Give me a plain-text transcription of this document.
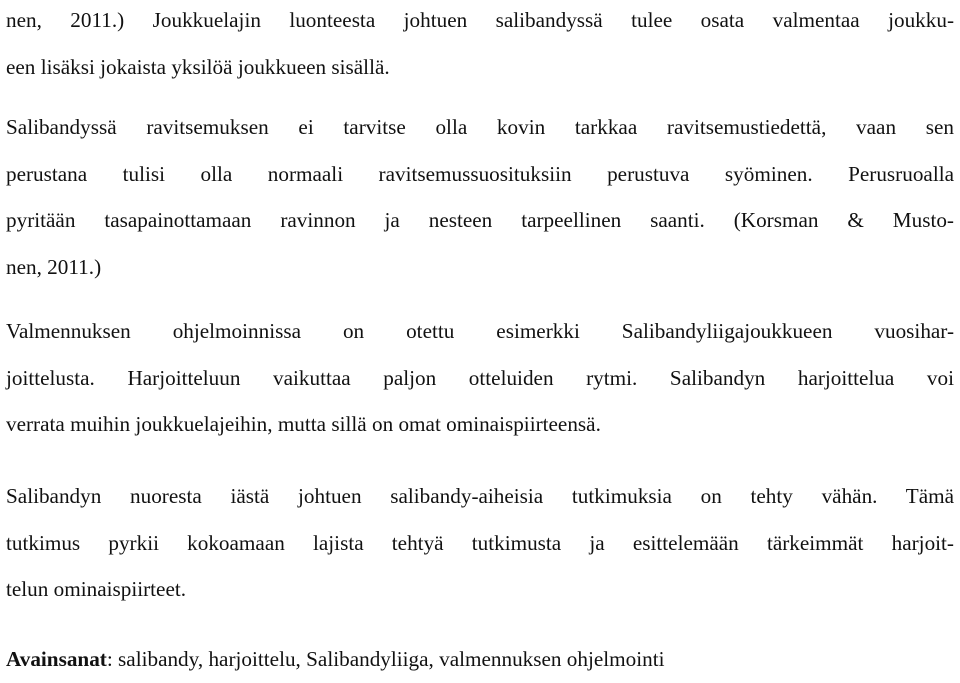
nen, 2011.) Joukkuelajin luonteesta johtuen salibandyssä tulee osata valmentaa joukku-
een lisäksi jokaista yksilöä joukkueen sisällä.
Salibandyssä ravitsemuksen ei tarvitse olla kovin tarkkaa ravitsemustiedettä, vaan sen
perustana tulisi olla normaali ravitsemussuosituksiin perustuva syöminen. Perusruoalla
pyritään tasapainottamaan ravinnon ja nesteen tarpeellinen saanti. (Korsman & Musto-
nen, 2011.)
Valmennuksen ohjelmoinnissa on otettu esimerkki Salibandyliigajoukkueen vuosihar-
joittelusta. Harjoitteluun vaikuttaa paljon otteluiden rytmi. Salibandyn harjoittelua voi
verrata muihin joukkuelajeihin, mutta sillä on omat ominaispiirteensä.
Salibandyn nuoresta iästä johtuen salibandy-aiheisia tutkimuksia on tehty vähän. Tämä
tutkimus pyrkii kokoamaan lajista tehtyä tutkimusta ja esittelemään tärkeimmät harjoit-
telun ominaispiirteet.
Avainsanat: salibandy, harjoittelu, Salibandyliiga, valmennuksen ohjelmointi
